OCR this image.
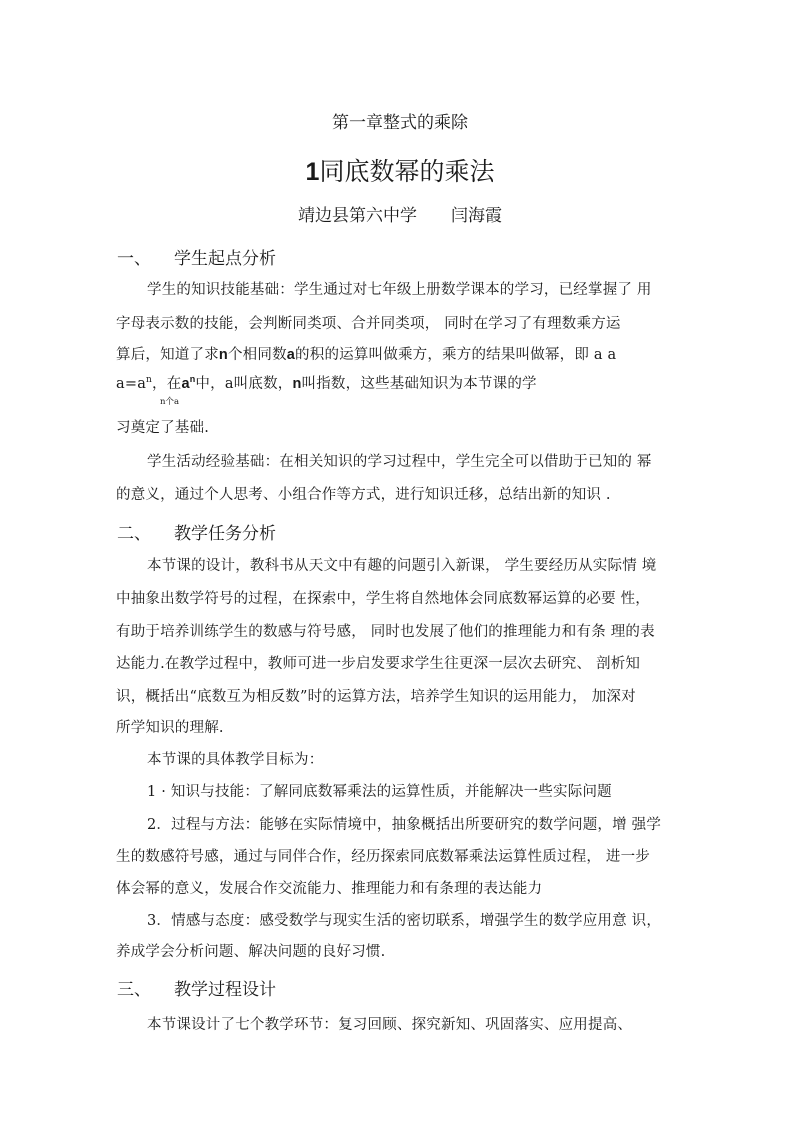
第一章整式的乘除
1同底数幂的乘法
靖边县第六中学 闫海霞
一、 学生起点分析
学生的知识技能基础：学生通过对七年级上册数学课本的学习，已经掌握了 用
字母表示数的技能，会判断同类项、合并同类项， 同时在学习了有理数乘方运
算后，知道了求n个相同数a的积的运算叫做乘方，乘方的结果叫做幂，即 a a
$a=a^n$，在$a^n$中，a叫底数，n叫指数，这些基础知识为本节课的学
n个a
习奠定了基础.
学生活动经验基础：在相关知识的学习过程中，学生完全可以借助于已知的 幂
的意义，通过个人思考、小组合作等方式，进行知识迁移，总结出新的知识 .
二、 教学任务分析
本节课的设计，教科书从天文中有趣的问题引入新课， 学生要经历从实际情 境
中抽象出数学符号的过程，在探索中，学生将自然地体会同底数幂运算的必要 性，
有助于培养训练学生的数感与符号感， 同时也发展了他们的推理能力和有条 理的表
达能力.在教学过程中，教师可进一步启发要求学生往更深一层次去研究、 剖析知
识，概括出“底数互为相反数”时的运算方法，培养学生知识的运用能力， 加深对
所学知识的理解.
本节课的具体教学目标为：
1 · 知识与技能：了解同底数幂乘法的运算性质，并能解决一些实际问题
2．过程与方法：能够在实际情境中，抽象概括出所要研究的数学问题，增 强学
生的数感符号感，通过与同伴合作，经历探索同底数幂乘法运算性质过程， 进一步
体会幂的意义，发展合作交流能力、推理能力和有条理的表达能力
3．情感与态度：感受数学与现实生活的密切联系，增强学生的数学应用意 识，
养成学会分析问题、解决问题的良好习惯.
三、 教学过程设计
本节课设计了七个教学环节：复习回顾、探究新知、巩固落实、应用提高、
